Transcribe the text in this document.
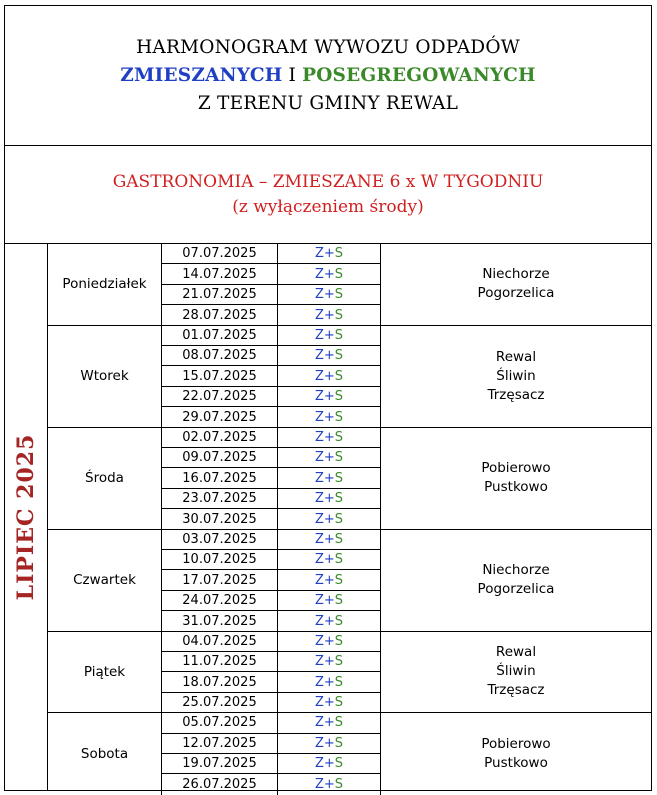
HARMONOGRAM WYWOZU ODPADÓW
ZMIESZANYCH I POSEGREGOWANYCH
Z TERENU GMINY REWAL
GASTRONOMIA – ZMIESZANE 6 x W TYGODNIU
(z wyłączeniem środy)
LIPIEC 2025
Poniedziałek
07.07.2025	Z + S
14.07.2025	Z + S
21.07.2025	Z + S
28.07.2025	Z + S
Niechorze
Pogorzelica
Wtorek
01.07.2025	Z + S
08.07.2025	Z + S
15.07.2025	Z + S
22.07.2025	Z + S
29.07.2025	Z + S
Rewal
Śliwin
Trzęsacz
Środa
02.07.2025	Z + S
09.07.2025	Z + S
16.07.2025	Z + S
23.07.2025	Z + S
30.07.2025	Z + S
Pobierowo
Pustkowo
Czwartek
03.07.2025	Z + S
10.07.2025	Z + S
17.07.2025	Z + S
24.07.2025	Z + S
31.07.2025	Z + S
Niechorze
Pogorzelica
Piątek
04.07.2025	Z + S
11.07.2025	Z + S
18.07.2025	Z + S
25.07.2025	Z + S
Rewal
Śliwin
Trzęsacz
Sobota
05.07.2025	Z + S
12.07.2025	Z + S
19.07.2025	Z + S
26.07.2025	Z + S
Pobierowo
Pustkowo
